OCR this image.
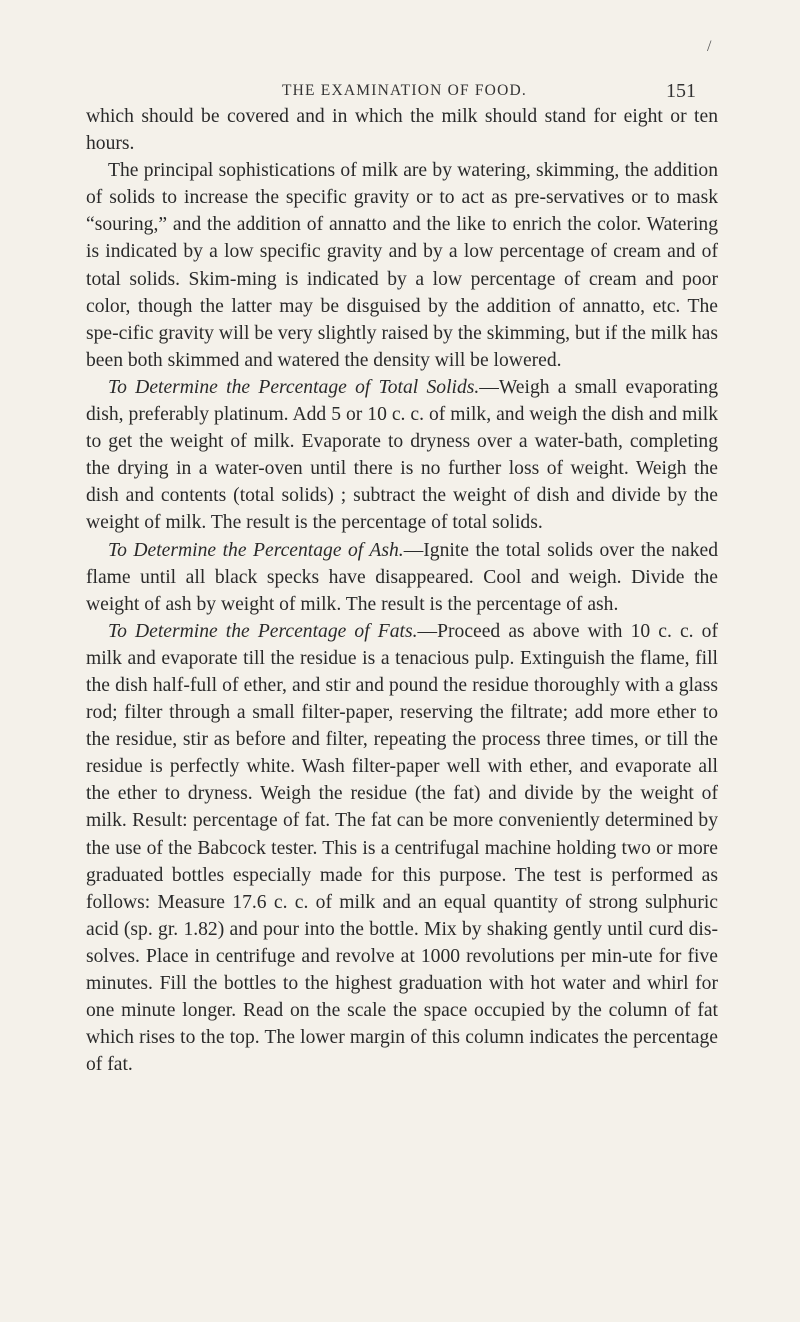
/
THE EXAMINATION OF FOOD.	151

which should be covered and in which the milk should stand for eight or ten hours.

The principal sophistications of milk are by watering, skimming, the addition of solids to increase the specific gravity or to act as pre-servatives or to mask “souring,” and the addition of annatto and the like to enrich the color. Watering is indicated by a low specific gravity and by a low percentage of cream and of total solids. Skim-ming is indicated by a low percentage of cream and poor color, though the latter may be disguised by the addition of annatto, etc. The spe-cific gravity will be very slightly raised by the skimming, but if the milk has been both skimmed and watered the density will be lowered.

To Determine the Percentage of Total Solids.—Weigh a small evaporating dish, preferably platinum. Add 5 or 10 c. c. of milk, and weigh the dish and milk to get the weight of milk. Evaporate to dryness over a water-bath, completing the drying in a water-oven until there is no further loss of weight. Weigh the dish and contents (total solids) ; subtract the weight of dish and divide by the weight of milk. The result is the percentage of total solids.

To Determine the Percentage of Ash.—Ignite the total solids over the naked flame until all black specks have disappeared. Cool and weigh. Divide the weight of ash by weight of milk. The result is the percentage of ash.

To Determine the Percentage of Fats.—Proceed as above with 10 c. c. of milk and evaporate till the residue is a tenacious pulp. Extinguish the flame, fill the dish half-full of ether, and stir and pound the residue thoroughly with a glass rod; filter through a small filter-paper, reserving the filtrate; add more ether to the residue, stir as before and filter, repeating the process three times, or till the residue is perfectly white. Wash filter-paper well with ether, and evaporate all the ether to dryness. Weigh the residue (the fat) and divide by the weight of milk. Result: percentage of fat. The fat can be more conveniently determined by the use of the Babcock tester. This is a centrifugal machine holding two or more graduated bottles especially made for this purpose. The test is performed as follows: Measure 17.6 c. c. of milk and an equal quantity of strong sulphuric acid (sp. gr. 1.82) and pour into the bottle. Mix by shaking gently until curd dis-solves. Place in centrifuge and revolve at 1000 revolutions per min-ute for five minutes. Fill the bottles to the highest graduation with hot water and whirl for one minute longer. Read on the scale the space occupied by the column of fat which rises to the top. The lower margin of this column indicates the percentage of fat.
